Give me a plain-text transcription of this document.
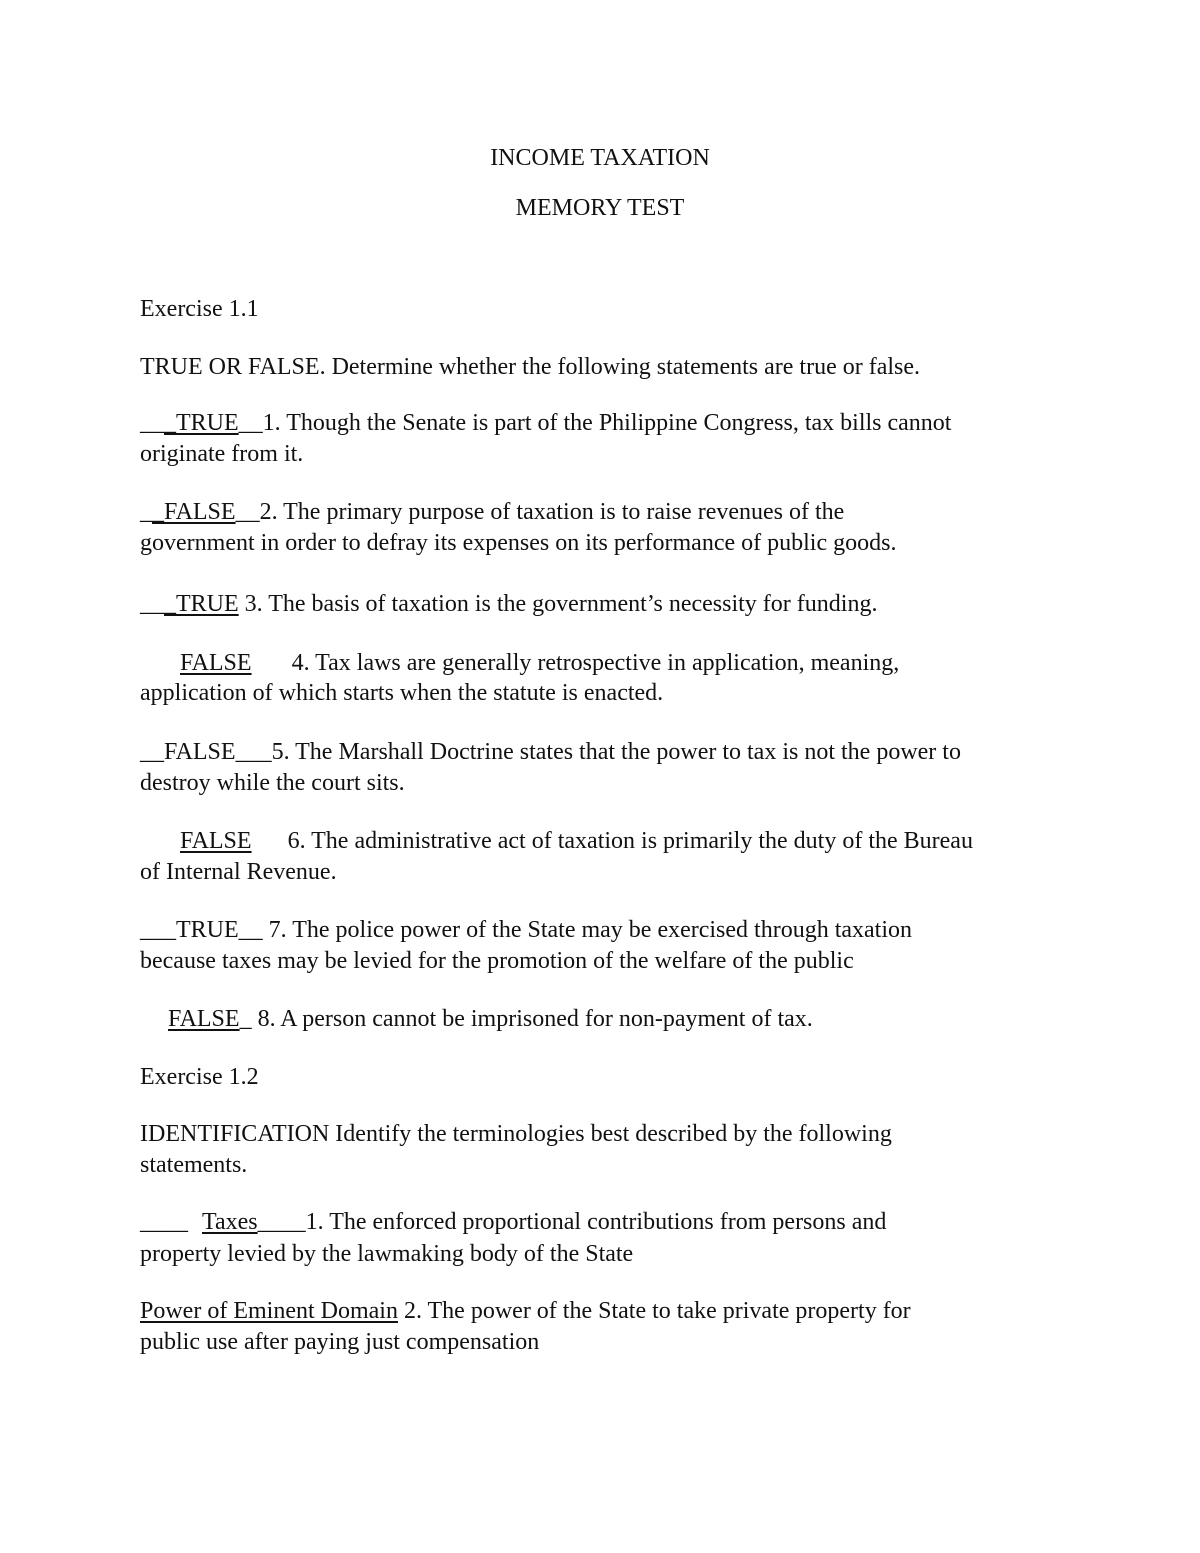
INCOME TAXATION
MEMORY TEST
Exercise 1.1
TRUE OR FALSE. Determine whether the following statements are true or false.
___TRUE__1. Though the Senate is part of the Philippine Congress, tax bills cannot
originate from it.
__FALSE__2. The primary purpose of taxation is to raise revenues of the
government in order to defray its expenses on its performance of public goods.
___TRUE 3. The basis of taxation is the government’s necessity for funding.
FALSE 4. Tax laws are generally retrospective in application, meaning,
application of which starts when the statute is enacted.
__FALSE___5. The Marshall Doctrine states that the power to tax is not the power to
destroy while the court sits.
FALSE 6. The administrative act of taxation is primarily the duty of the Bureau
of Internal Revenue.
___TRUE__ 7. The police power of the State may be exercised through taxation
because taxes may be levied for the promotion of the welfare of the public
FALSE_ 8. A person cannot be imprisoned for non-payment of tax.
Exercise 1.2
IDENTIFICATION Identify the terminologies best described by the following
statements.
____ Taxes____1. The enforced proportional contributions from persons and
property levied by the lawmaking body of the State
Power of Eminent Domain 2. The power of the State to take private property for
public use after paying just compensation
